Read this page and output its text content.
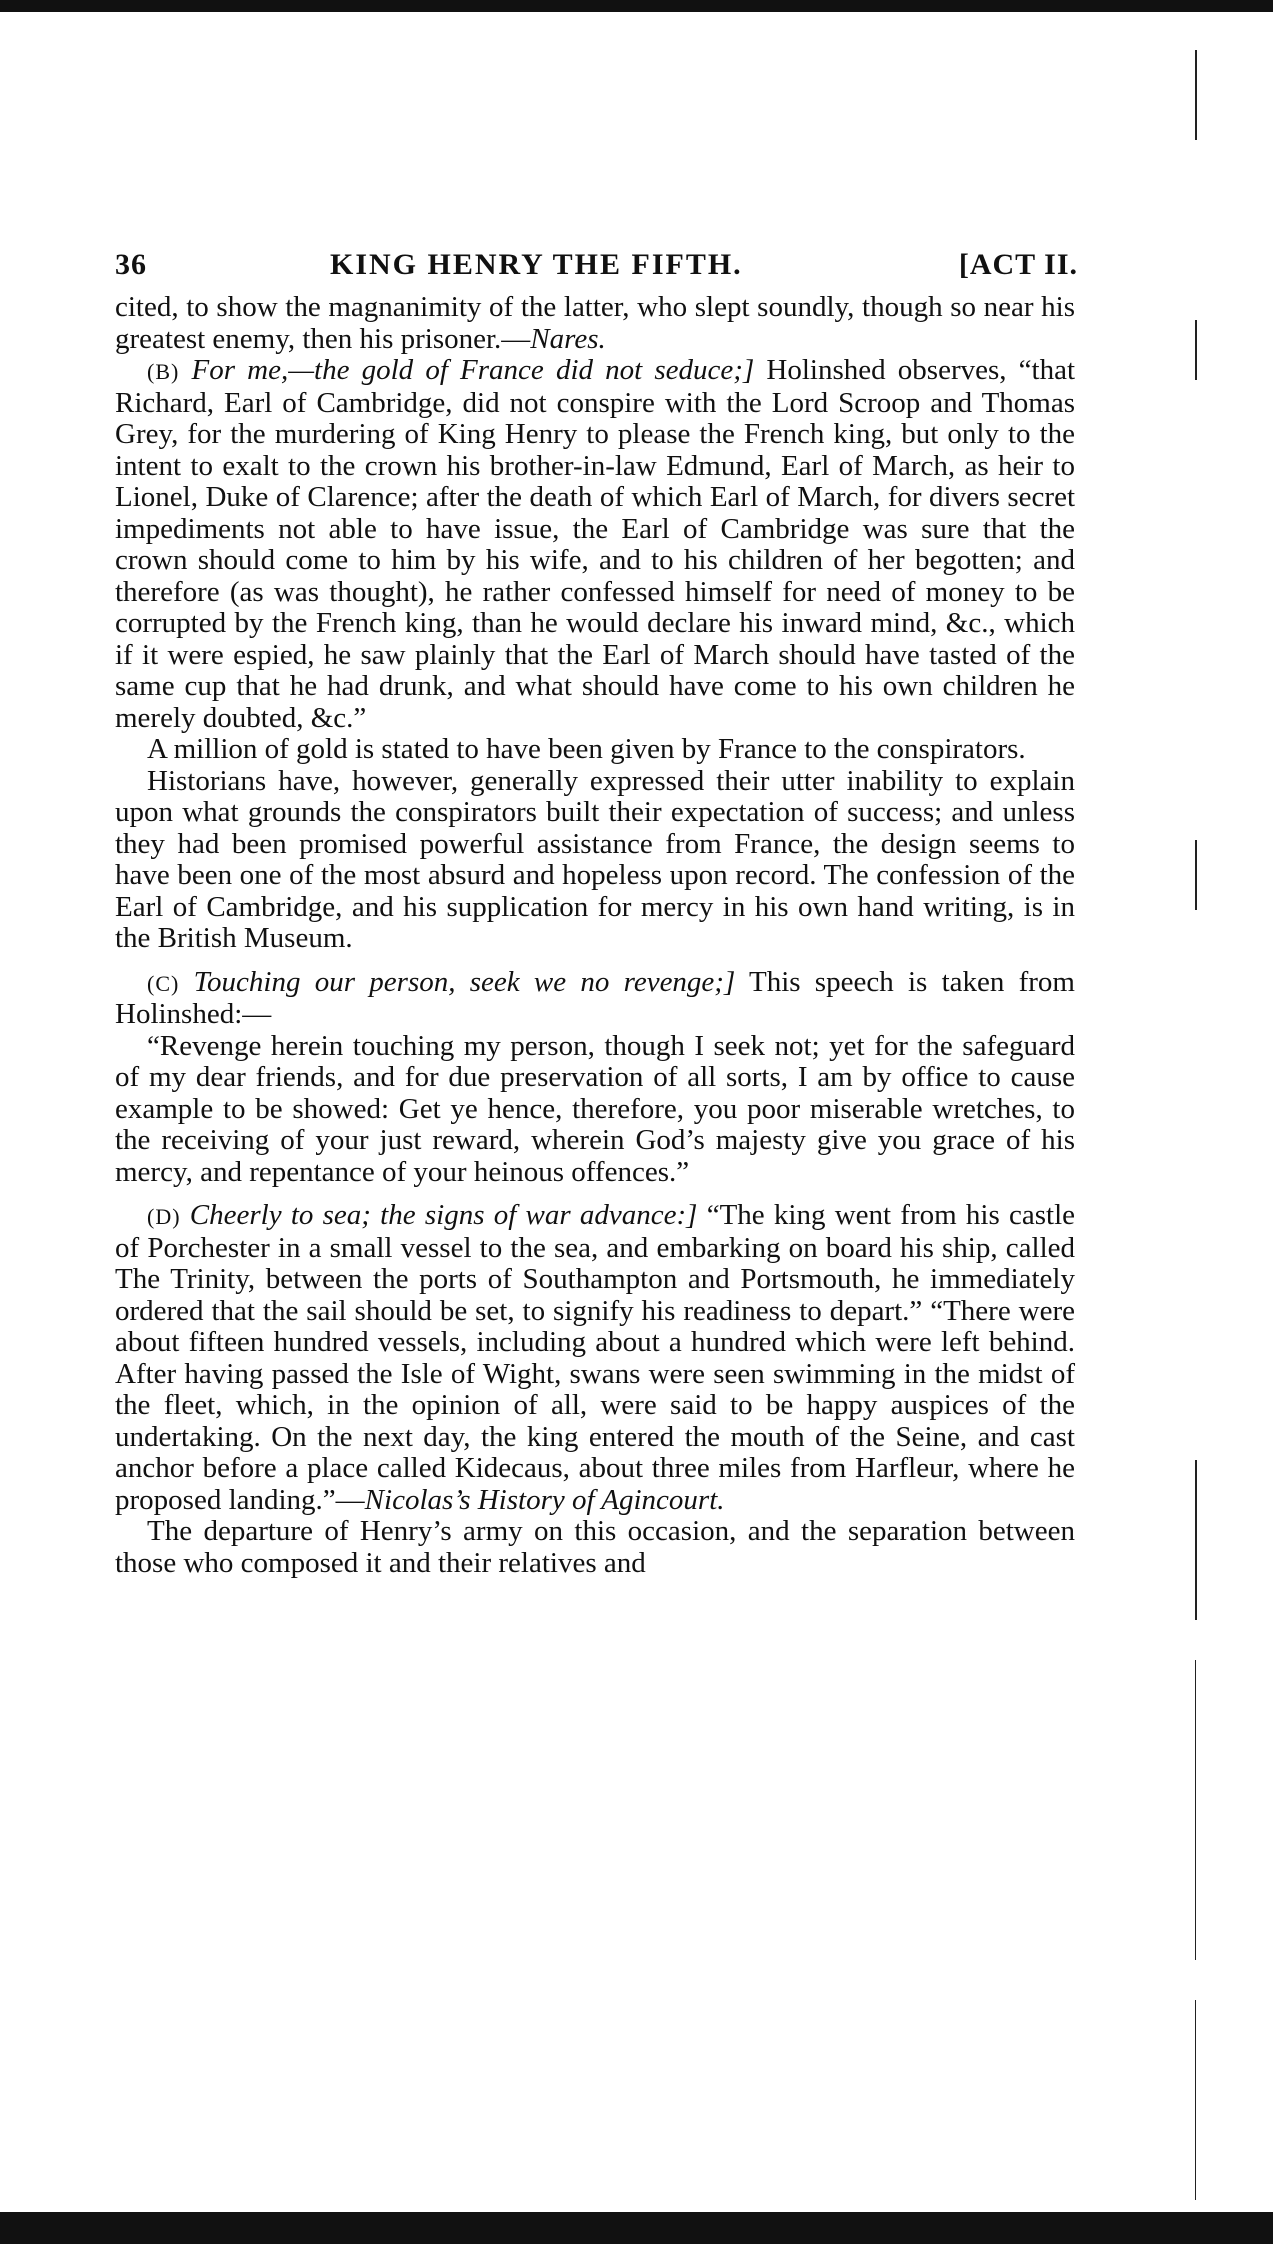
36	KING HENRY THE FIFTH.	[ACT II.

cited, to show the magnanimity of the latter, who slept soundly, though so near his greatest enemy, then his prisoner.—Nares.

(B) For me,—the gold of France did not seduce;] Holinshed observes, “that Richard, Earl of Cambridge, did not conspire with the Lord Scroop and Thomas Grey, for the murdering of King Henry to please the French king, but only to the intent to exalt to the crown his brother-in-law Edmund, Earl of March, as heir to Lionel, Duke of Clarence; after the death of which Earl of March, for divers secret impediments not able to have issue, the Earl of Cambridge was sure that the crown should come to him by his wife, and to his children of her begotten; and therefore (as was thought), he rather confessed himself for need of money to be corrupted by the French king, than he would declare his inward mind, &c., which if it were espied, he saw plainly that the Earl of March should have tasted of the same cup that he had drunk, and what should have come to his own children he merely doubted, &c.”

A million of gold is stated to have been given by France to the conspirators.

Historians have, however, generally expressed their utter inability to explain upon what grounds the conspirators built their expectation of success; and unless they had been promised powerful assistance from France, the design seems to have been one of the most absurd and hopeless upon record. The confession of the Earl of Cambridge, and his supplication for mercy in his own hand writing, is in the British Museum.

(C) Touching our person, seek we no revenge;] This speech is taken from Holinshed:—

“Revenge herein touching my person, though I seek not; yet for the safeguard of my dear friends, and for due preservation of all sorts, I am by office to cause example to be showed: Get ye hence, therefore, you poor miserable wretches, to the receiving of your just reward, wherein God’s majesty give you grace of his mercy, and repentance of your heinous offences.”

(D) Cheerly to sea; the signs of war advance:] “The king went from his castle of Porchester in a small vessel to the sea, and embarking on board his ship, called The Trinity, between the ports of Southampton and Portsmouth, he immediately ordered that the sail should be set, to signify his readiness to depart.” “There were about fifteen hundred vessels, including about a hundred which were left behind. After having passed the Isle of Wight, swans were seen swimming in the midst of the fleet, which, in the opinion of all, were said to be happy auspices of the undertaking. On the next day, the king entered the mouth of the Seine, and cast anchor before a place called Kidecaus, about three miles from Harfleur, where he proposed landing.”—Nicolas’s History of Agincourt.

The departure of Henry’s army on this occasion, and the separation between those who composed it and their relatives and
